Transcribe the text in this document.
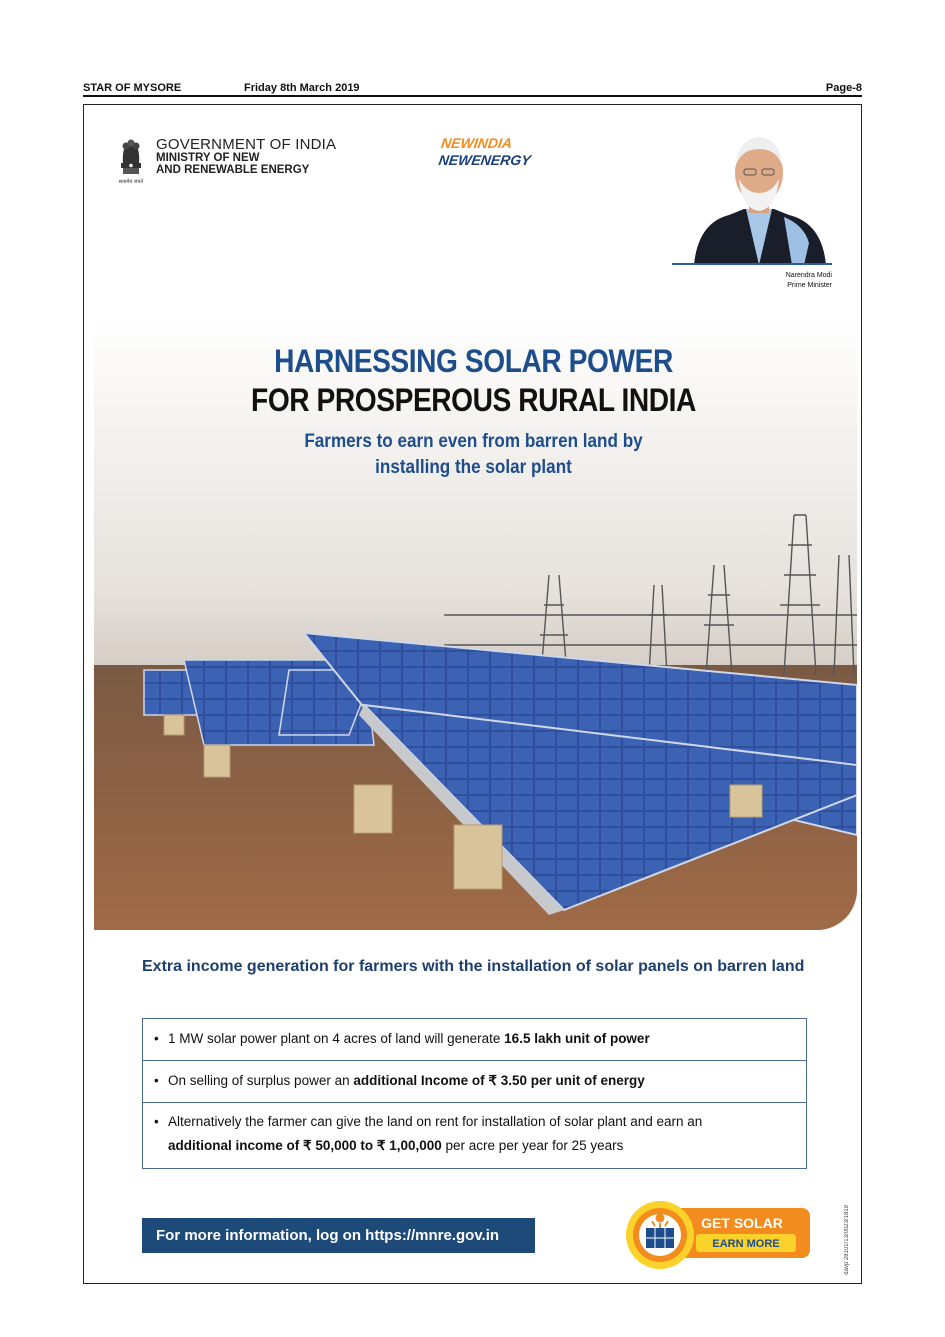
STAR OF MYSORE	Friday 8th March 2019	Page-8
सत्यमेव जयते
GOVERNMENT OF INDIA
MINISTRY OF NEW
AND RENEWABLE ENERGY
NEWINDIA
NEWENERGY
Narendra Modi
Prime Minister
HARNESSING SOLAR POWER
FOR PROSPEROUS RURAL INDIA
Farmers to earn even from barren land by
installing the solar plant
Extra income generation for farmers with the installation of solar panels on barren land
• 1 MW solar power plant on 4 acres of land will generate 16.5 lakh unit of power
• On selling of surplus power an additional Income of ₹ 3.50 per unit of energy
• Alternatively the farmer can give the land on rent for installation of solar plant and earn an
additional income of ₹ 50,000 to ₹ 1,00,000 per acre per year for 25 years
For more information, log on https://mnre.gov.in
GET SOLAR
EARN MORE	davp 28101/13/0023/1819
